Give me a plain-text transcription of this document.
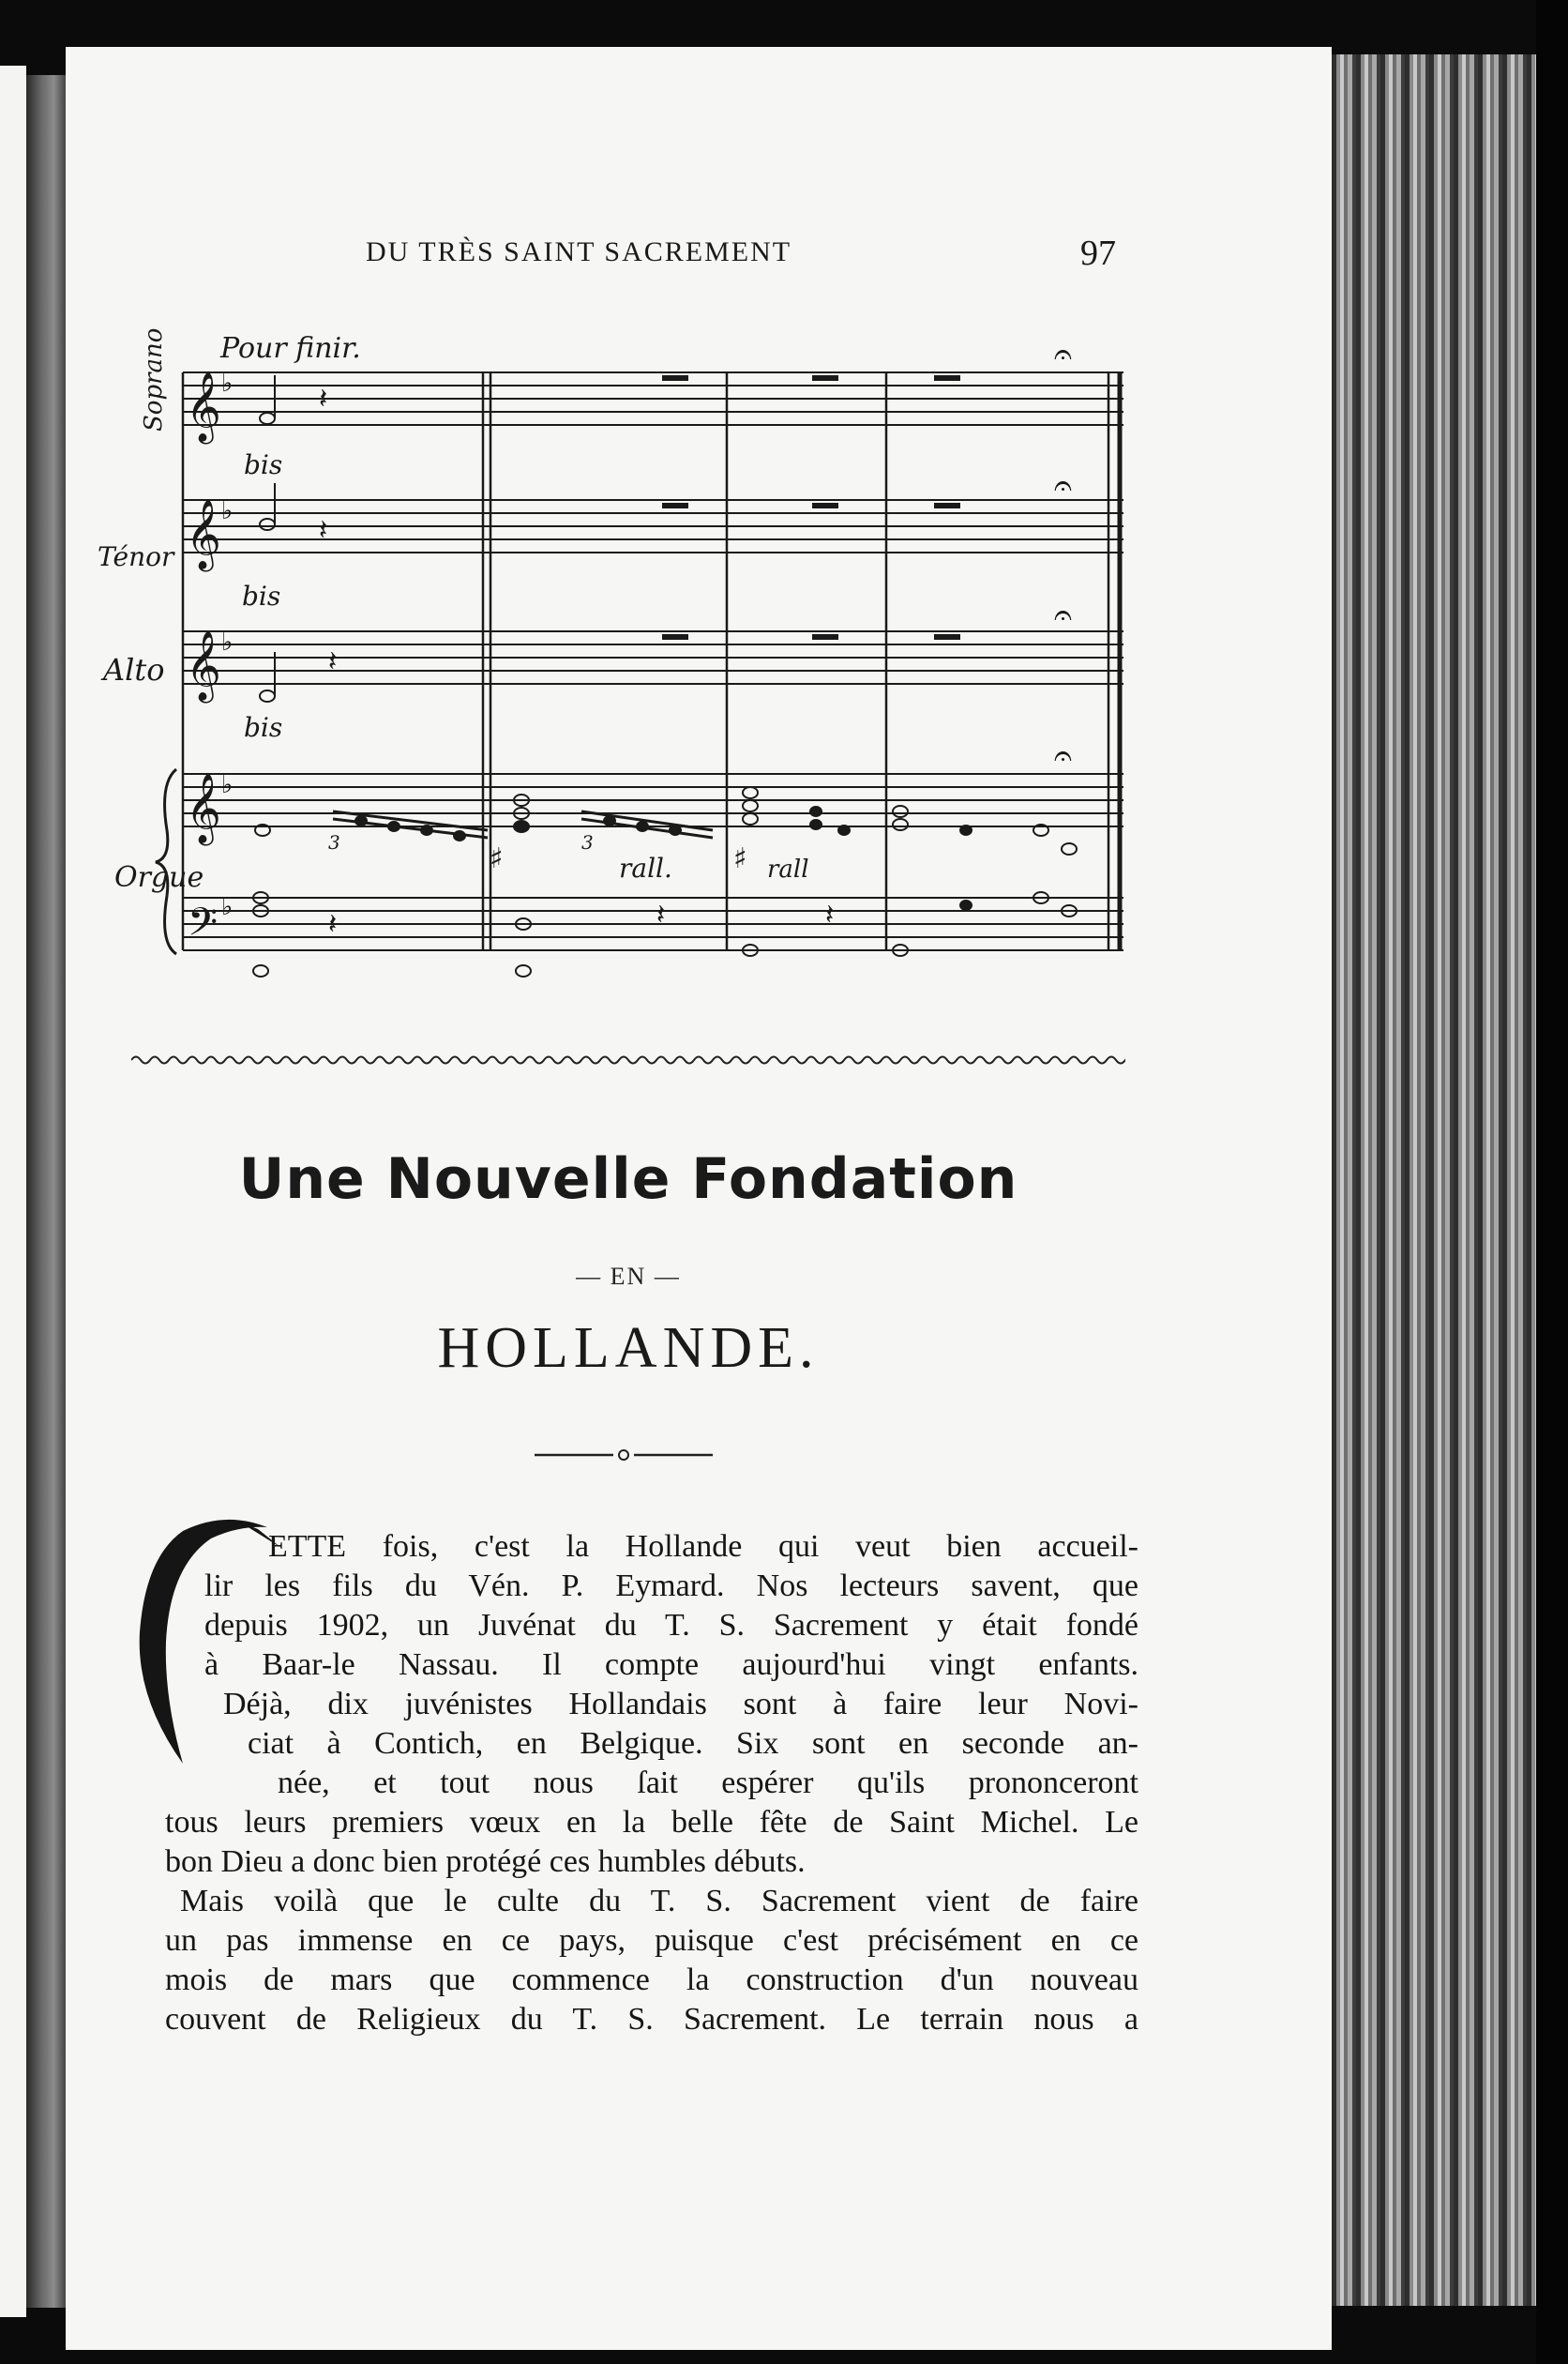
DU TRÈS SAINT SACREMENT	97
𝄞
𝄞
𝄞
𝄞
𝄢
♭
♭
♭
♭
♭
𝄽
𝄽
𝄽
𝄽	𝄽	𝄽
𝄐
𝄐
𝄐
𝄐
♯	♯
Pour finir.
Soprano
Ténor
Alto
Orgue
bis
bis
bis
rall.	rall
3	3
Une Nouvelle Fondation
— EN —
HOLLANDE.
C
ETTE fois, c'est la Hollande qui veut bien accueil-
lir les fils du Vén. P. Eymard. Nos lecteurs savent, que
depuis 1902, un Juvénat du T. S. Sacrement y était fondé
à Baar-le Nassau. Il compte aujourd'hui vingt enfants.
Déjà, dix juvénistes Hollandais sont à faire leur Novi-
ciat à Contich, en Belgique. Six sont en seconde an-
née, et tout nous ſait espérer qu'ils prononceront
tous leurs premiers vœux en la belle fête de Saint Michel. Le
bon Dieu a donc bien protégé ces humbles débuts.
Mais voilà que le culte du T. S. Sacrement vient de faire
un pas immense en ce pays, puisque c'est précisément en ce
mois de mars que commence la construction d'un nouveau
couvent de Religieux du T. S. Sacrement. Le terrain nous a
